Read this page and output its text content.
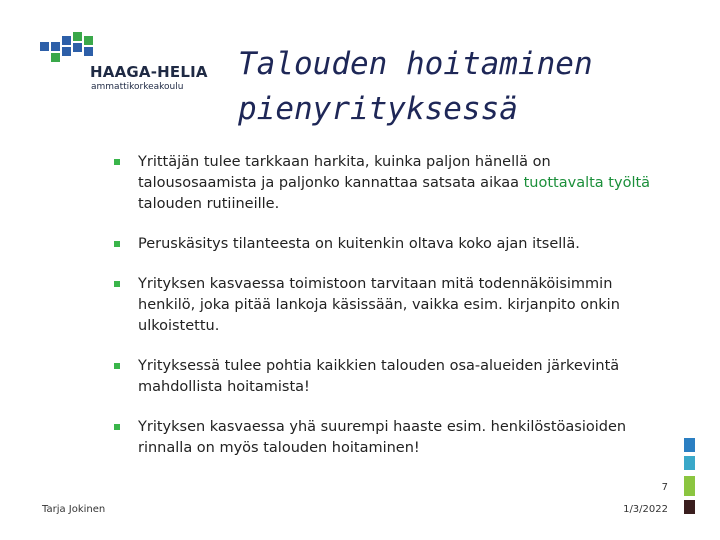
HAAGA-HELIA
ammattikorkeakoulu
Talouden hoitaminen
pienyrityksessä
Yrittäjän tulee tarkkaan harkita, kuinka paljon hänellä on talousosaamista ja paljonko kannattaa satsata aikaa tuottavalta työltä talouden rutiineille.
Peruskäsitys tilanteesta on kuitenkin oltava koko ajan itsellä.
Yrityksen kasvaessa toimistoon tarvitaan mitä todennäköisimmin henkilö, joka pitää lankoja käsissään, vaikka esim. kirjanpito onkin ulkoistettu.
Yrityksessä tulee pohtia kaikkien talouden osa-alueiden järkevintä mahdollista hoitamista!
Yrityksen kasvaessa yhä suurempi haaste esim. henkilöstöasioiden rinnalla on myös talouden hoitaminen!
7
Tarja Jokinen	1/3/2022
